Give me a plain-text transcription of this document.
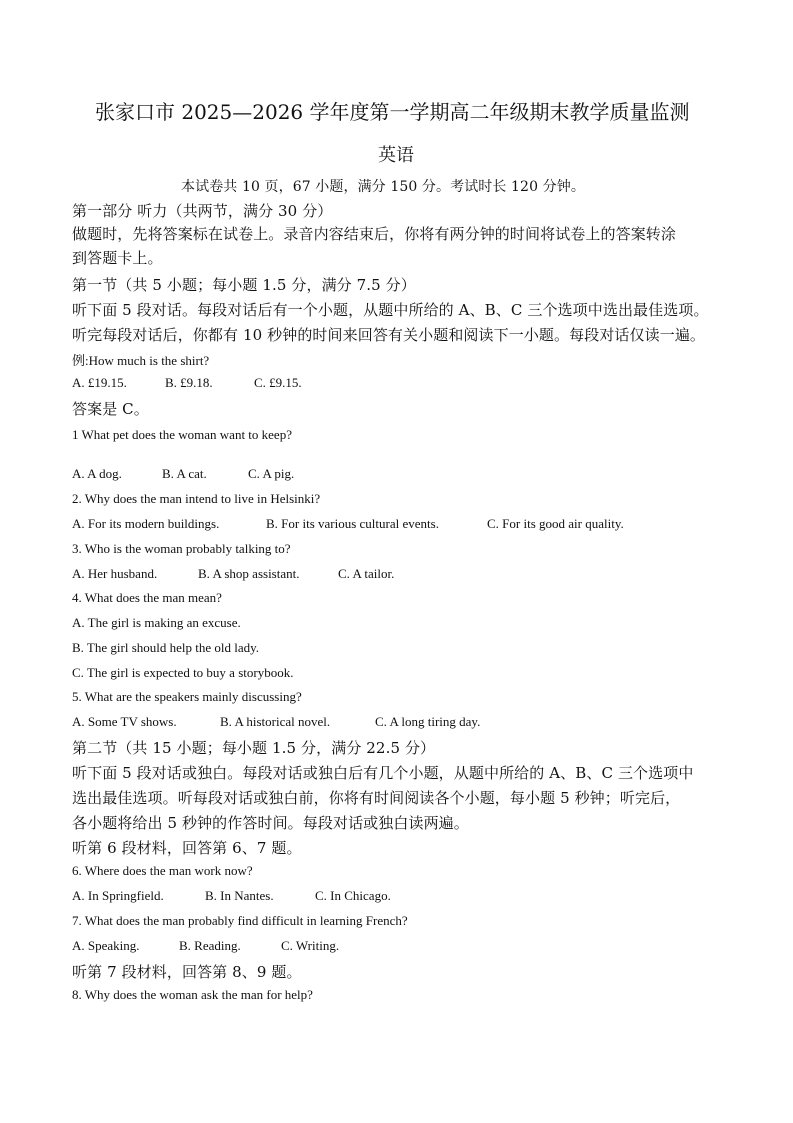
张家口市 2025—2026 学年度第一学期高二年级期末教学质量监测
英语
本试卷共 10 页，67 小题，满分 150 分。考试时长 120 分钟。
第一部分 听力（共两节，满分 30 分）
做题时，先将答案标在试卷上。录音内容结束后，你将有两分钟的时间将试卷上的答案转涂
到答题卡上。
第一节（共 5 小题；每小题 1.5 分，满分 7.5 分）
听下面 5 段对话。每段对话后有一个小题，从题中所给的 A、B、C 三个选项中选出最佳选项。
听完每段对话后，你都有 10 秒钟的时间来回答有关小题和阅读下一小题。每段对话仅读一遍。
例:How much is the shirt?
A. £19.15.	B. £9.18.	C. £9.15.
答案是 C。
1 What pet does the woman want to keep?
A. A dog.	B. A cat.	C. A pig.
2. Why does the man intend to live in Helsinki?
A. For its modern buildings.	B. For its various cultural events.	C. For its good air quality.
3. Who is the woman probably talking to?
A. Her husband.	B. A shop assistant.	C. A tailor.
4. What does the man mean?
A. The girl is making an excuse.
B. The girl should help the old lady.
C. The girl is expected to buy a storybook.
5. What are the speakers mainly discussing?
A. Some TV shows.	B. A historical novel.	C. A long tiring day.
第二节（共 15 小题；每小题 1.5 分，满分 22.5 分）
听下面 5 段对话或独白。每段对话或独白后有几个小题，从题中所给的 A、B、C 三个选项中
选出最佳选项。听每段对话或独白前，你将有时间阅读各个小题，每小题 5 秒钟；听完后，
各小题将给出 5 秒钟的作答时间。每段对话或独白读两遍。
听第 6 段材料，回答第 6、7 题。
6. Where does the man work now?
A. In Springfield.	B. In Nantes.	C. In Chicago.
7. What does the man probably find difficult in learning French?
A. Speaking.	B. Reading.	C. Writing.
听第 7 段材料，回答第 8、9 题。
8. Why does the woman ask the man for help?
